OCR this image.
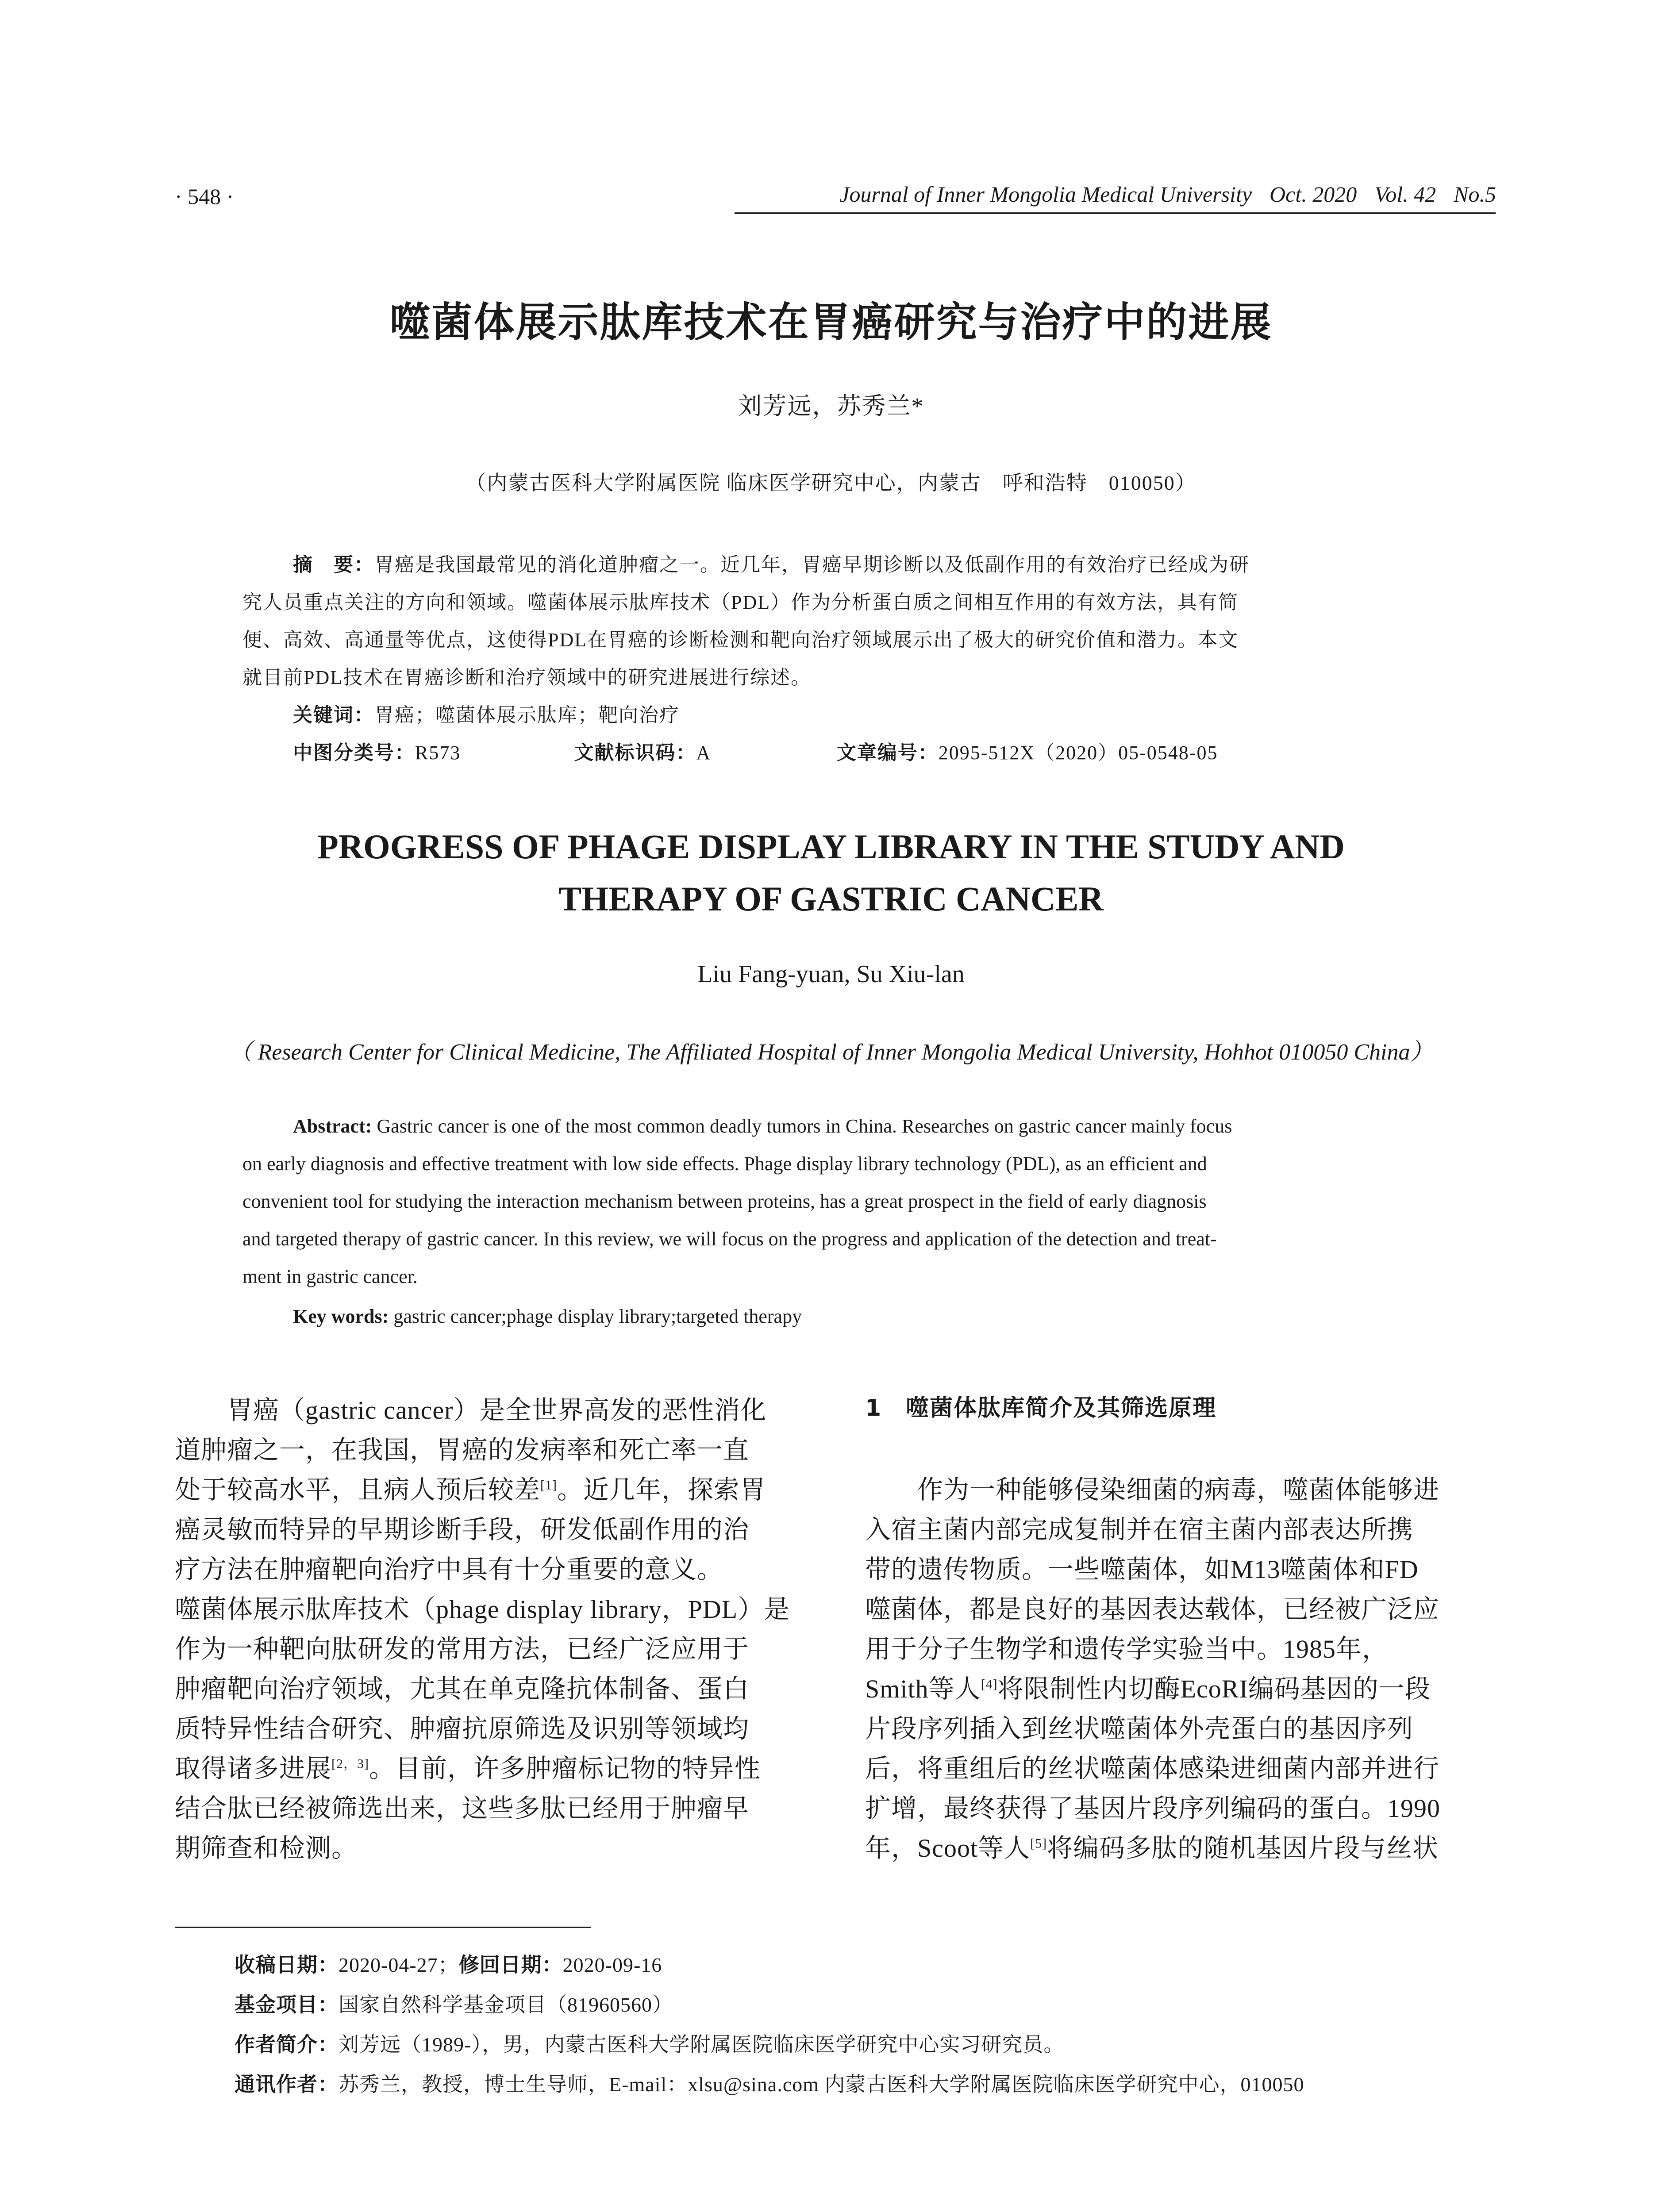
· 548 ·	Journal of Inner Mongolia Medical University Oct. 2020 Vol. 42 No.5
噬菌体展示肽库技术在胃癌研究与治疗中的进展
刘芳远，苏秀兰*
（内蒙古医科大学附属医院 临床医学研究中心，内蒙古　呼和浩特　010050）
摘　要：胃癌是我国最常见的消化道肿瘤之一。近几年，胃癌早期诊断以及低副作用的有效治疗已经成为研
究人员重点关注的方向和领域。噬菌体展示肽库技术（PDL）作为分析蛋白质之间相互作用的有效方法，具有简
便、高效、高通量等优点，这使得PDL在胃癌的诊断检测和靶向治疗领域展示出了极大的研究价值和潜力。本文
就目前PDL技术在胃癌诊断和治疗领域中的研究进展进行综述。
关键词：胃癌；噬菌体展示肽库；靶向治疗
中图分类号：R573	文献标识码：A	文章编号：2095-512X（2020）05-0548-05
PROGRESS OF PHAGE DISPLAY LIBRARY IN THE STUDY AND
THERAPY OF GASTRIC CANCER
Liu Fang-yuan, Su Xiu-lan
（ Research Center for Clinical Medicine, The Affiliated Hospital of Inner Mongolia Medical University, Hohhot 010050 China）
Abstract: Gastric cancer is one of the most common deadly tumors in China. Researches on gastric cancer mainly focus
on early diagnosis and effective treatment with low side effects. Phage display library technology (PDL), as an efficient and
convenient tool for studying the interaction mechanism between proteins, has a great prospect in the field of early diagnosis
and targeted therapy of gastric cancer. In this review, we will focus on the progress and application of the detection and treat-
ment in gastric cancer.
Key words: gastric cancer;phage display library;targeted therapy
　　胃癌（gastric cancer）是全世界高发的恶性消化
道肿瘤之一，在我国，胃癌的发病率和死亡率一直
处于较高水平，且病人预后较差[1]。近几年，探索胃
癌灵敏而特异的早期诊断手段，研发低副作用的治
疗方法在肿瘤靶向治疗中具有十分重要的意义。
噬菌体展示肽库技术（phage display library，PDL）是
作为一种靶向肽研发的常用方法，已经广泛应用于
肿瘤靶向治疗领域，尤其在单克隆抗体制备、蛋白
质特异性结合研究、肿瘤抗原筛选及识别等领域均
取得诸多进展[2，3]。目前，许多肿瘤标记物的特异性
结合肽已经被筛选出来，这些多肽已经用于肿瘤早
期筛查和检测。
1　噬菌体肽库简介及其筛选原理
　　作为一种能够侵染细菌的病毒，噬菌体能够进
入宿主菌内部完成复制并在宿主菌内部表达所携
带的遗传物质。一些噬菌体，如M13噬菌体和FD
噬菌体，都是良好的基因表达载体，已经被广泛应
用于分子生物学和遗传学实验当中。1985年，
Smith等人[4]将限制性内切酶EcoRI编码基因的一段
片段序列插入到丝状噬菌体外壳蛋白的基因序列
后，将重组后的丝状噬菌体感染进细菌内部并进行
扩增，最终获得了基因片段序列编码的蛋白。1990
年，Scoot等人[5]将编码多肽的随机基因片段与丝状
收稿日期：2020-04-27；修回日期：2020-09-16
基金项目：国家自然科学基金项目（81960560）
作者简介：刘芳远（1989-），男，内蒙古医科大学附属医院临床医学研究中心实习研究员。
通讯作者：苏秀兰，教授，博士生导师，E-mail：xlsu@sina.com 内蒙古医科大学附属医院临床医学研究中心，010050
